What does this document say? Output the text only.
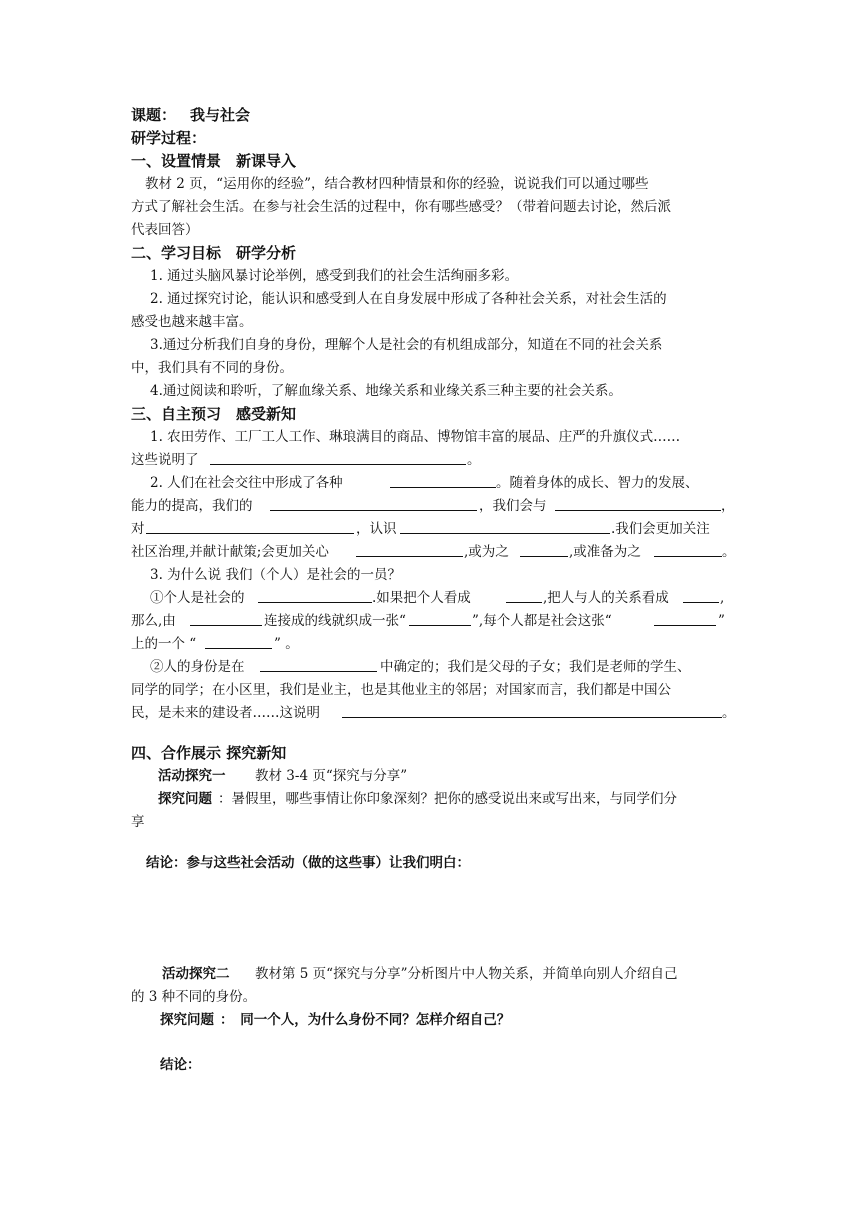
课题： 我与社会
研学过程：
一、设置情景　新课导入
教材 2 页，“运用你的经验”，结合教材四种情景和你的经验，说说我们可以通过哪些
方式了解社会生活。在参与社会生活的过程中，你有哪些感受？（带着问题去讨论，然后派
代表回答）
二、学习目标　研学分析
1. 通过头脑风暴讨论举例，感受到我们的社会生活绚丽多彩。
2. 通过探究讨论，能认识和感受到人在自身发展中形成了各种社会关系，对社会生活的
感受也越来越丰富。
3.通过分析我们自身的身份，理解个人是社会的有机组成部分，知道在不同的社会关系
中，我们具有不同的身份。
4.通过阅读和聆听，了解血缘关系、地缘关系和业缘关系三种主要的社会关系。
三、自主预习　感受新知
1. 农田劳作、工厂工人工作、琳琅满目的商品、博物馆丰富的展品、庄严的升旗仪式……
这些说明了	。
2. 人们在社会交往中形成了各种	。随着身体的成长、智力的发展、
能力的提高，我们的	，我们会与	，
对	，认识	.我们会更加关注
社区治理,并献计献策;会更加关心	,或为之	,或准备为之	。
3. 为什么说 我们（个人）是社会的一员？
①个人是社会的	.如果把个人看成	,把人与人的关系看成	,
那么,由	连接成的线就织成一张“	”,每个人都是社会这张“	”
上的一个 “	” 。
②人的身份是在	中确定的；我们是父母的子女；我们是老师的学生、
同学的同学；在小区里，我们是业主，也是其他业主的邻居；对国家而言，我们都是中国公
民，是未来的建设者……这说明	。
四、合作展示 探究新知
活动探究一 教材 3-4 页“探究与分享”
探究问题 ：暑假里，哪些事情让你印象深刻？把你的感受说出来或写出来，与同学们分
享
结论：参与这些社会活动（做的这些事）让我们明白：
活动探究二 教材第 5 页“探究与分享”分析图片中人物关系，并简单向别人介绍自己
的 3 种不同的身份。
探究问题 ：　同一个人，为什么身份不同？怎样介绍自己？
结论：
